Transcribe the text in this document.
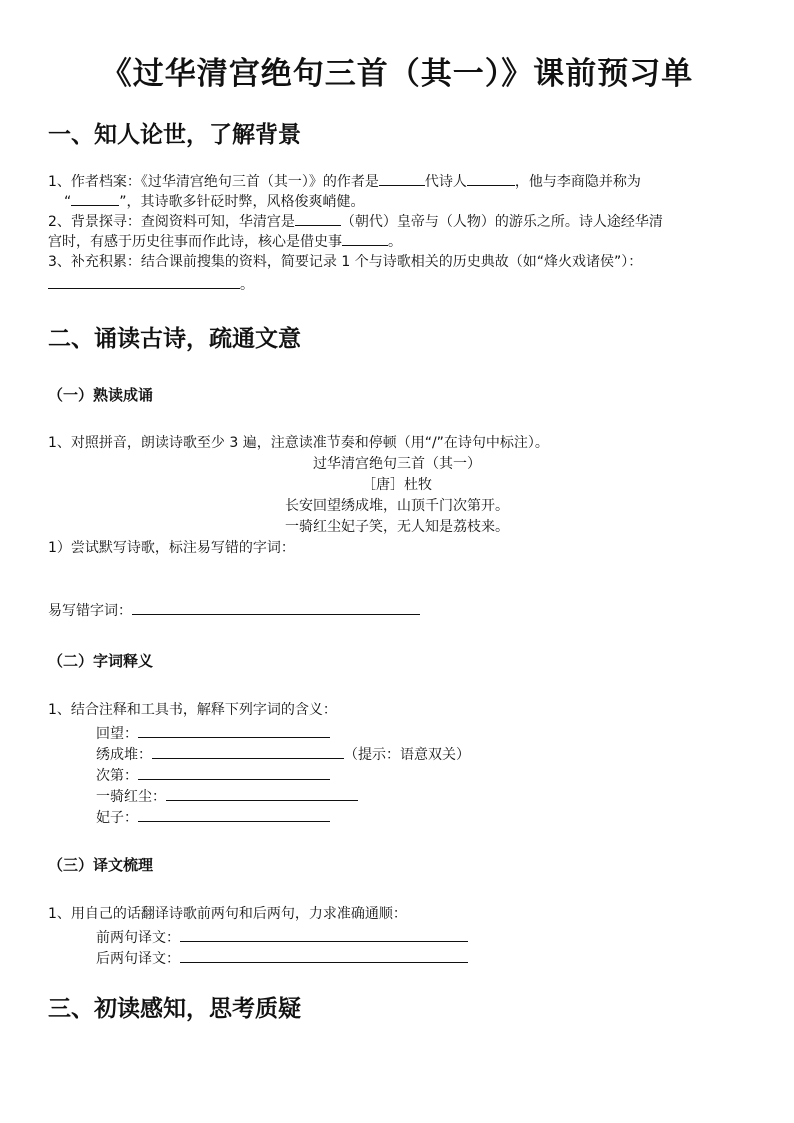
《过华清宫绝句三首（其一）》课前预习单
一、知人论世，了解背景
1、作者档案：《过华清宫绝句三首（其一）》的作者是	代诗人	，他与李商隐并称为
“	”，其诗歌多针砭时弊，风格俊爽峭健。
2、背景探寻：查阅资料可知，华清宫是	（朝代）皇帝与（人物）的游乐之所。诗人途经华清
宫时，有感于历史往事而作此诗，核心是借史事	。
3、补充积累：结合课前搜集的资料，简要记录 1 个与诗歌相关的历史典故（如“烽火戏诸侯”）：
。
二、诵读古诗，疏通文意
（一）熟读成诵
1、对照拼音，朗读诗歌至少 3 遍，注意读准节奏和停顿（用“/”在诗句中标注）。
过华清宫绝句三首（其一）
［唐］杜牧
长安回望绣成堆，山顶千门次第开。
一骑红尘妃子笑，无人知是荔枝来。
1）尝试默写诗歌，标注易写错的字词：
易写错字词：
（二）字词释义
1、结合注释和工具书，解释下列字词的含义：
回望：
绣成堆：	（提示：语意双关）
次第：
一骑红尘：
妃子：
（三）译文梳理
1、用自己的话翻译诗歌前两句和后两句，力求准确通顺：
前两句译文：
后两句译文：
三、初读感知，思考质疑
